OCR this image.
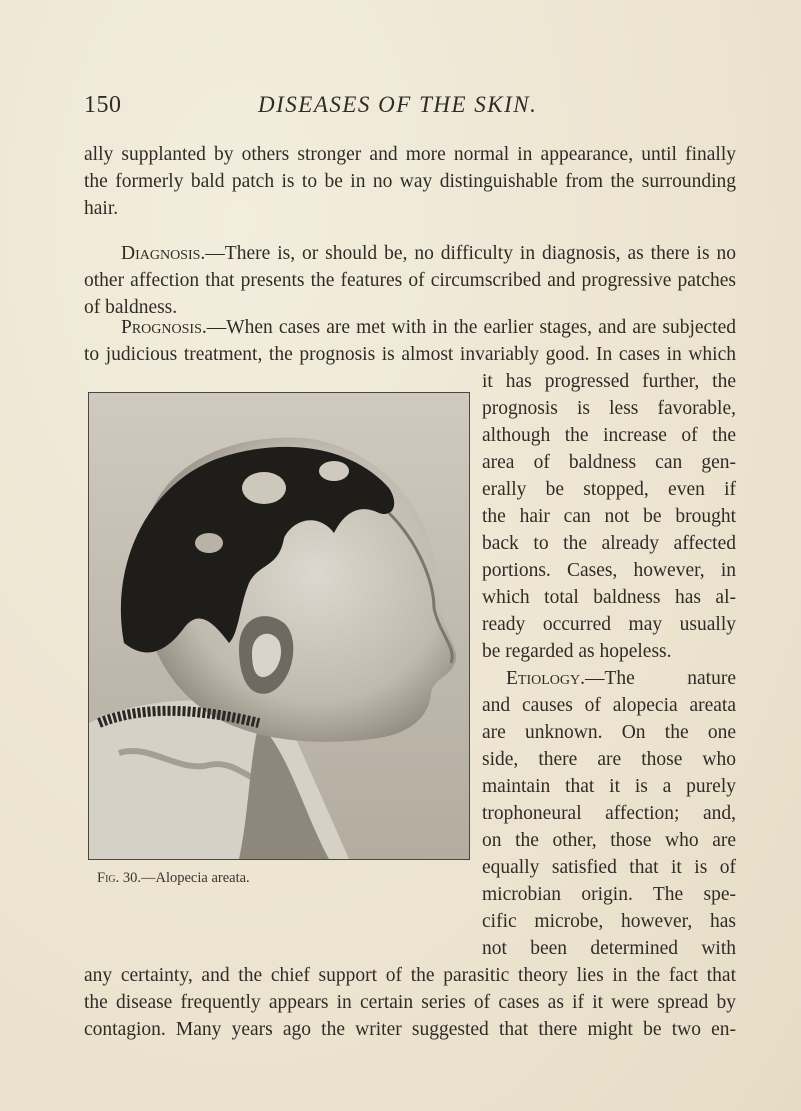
150	DISEASES OF THE SKIN.
ally supplanted by others stronger and more normal in appearance, until finally
the formerly bald patch is to be in no way distinguishable from the surrounding
hair.
Diagnosis.—There is, or should be, no difficulty in diagnosis, as there is no
other affection that presents the features of circumscribed and progressive patches
of baldness.
Prognosis.—When cases are met with in the earlier stages, and are subjected
to judicious treatment, the prognosis is almost invariably good. In cases in which
it has progressed further, the
prognosis is less favorable,
although the increase of the
area of baldness can gen-
erally be stopped, even if
the hair can not be brought
back to the already affected
portions. Cases, however, in
which total baldness has al-
ready occurred may usually
be regarded as hopeless.
Etiology.—The nature
and causes of alopecia areata
are unknown. On the one
side, there are those who
maintain that it is a purely
trophoneural affection; and,
on the other, those who are
equally satisfied that it is of
microbian origin. The spe-
cific microbe, however, has
not been determined with
any certainty, and the chief support of the parasitic theory lies in the fact that
the disease frequently appears in certain series of cases as if it were spread by
contagion. Many years ago the writer suggested that there might be two en-
Fig. 30.—Alopecia areata.
